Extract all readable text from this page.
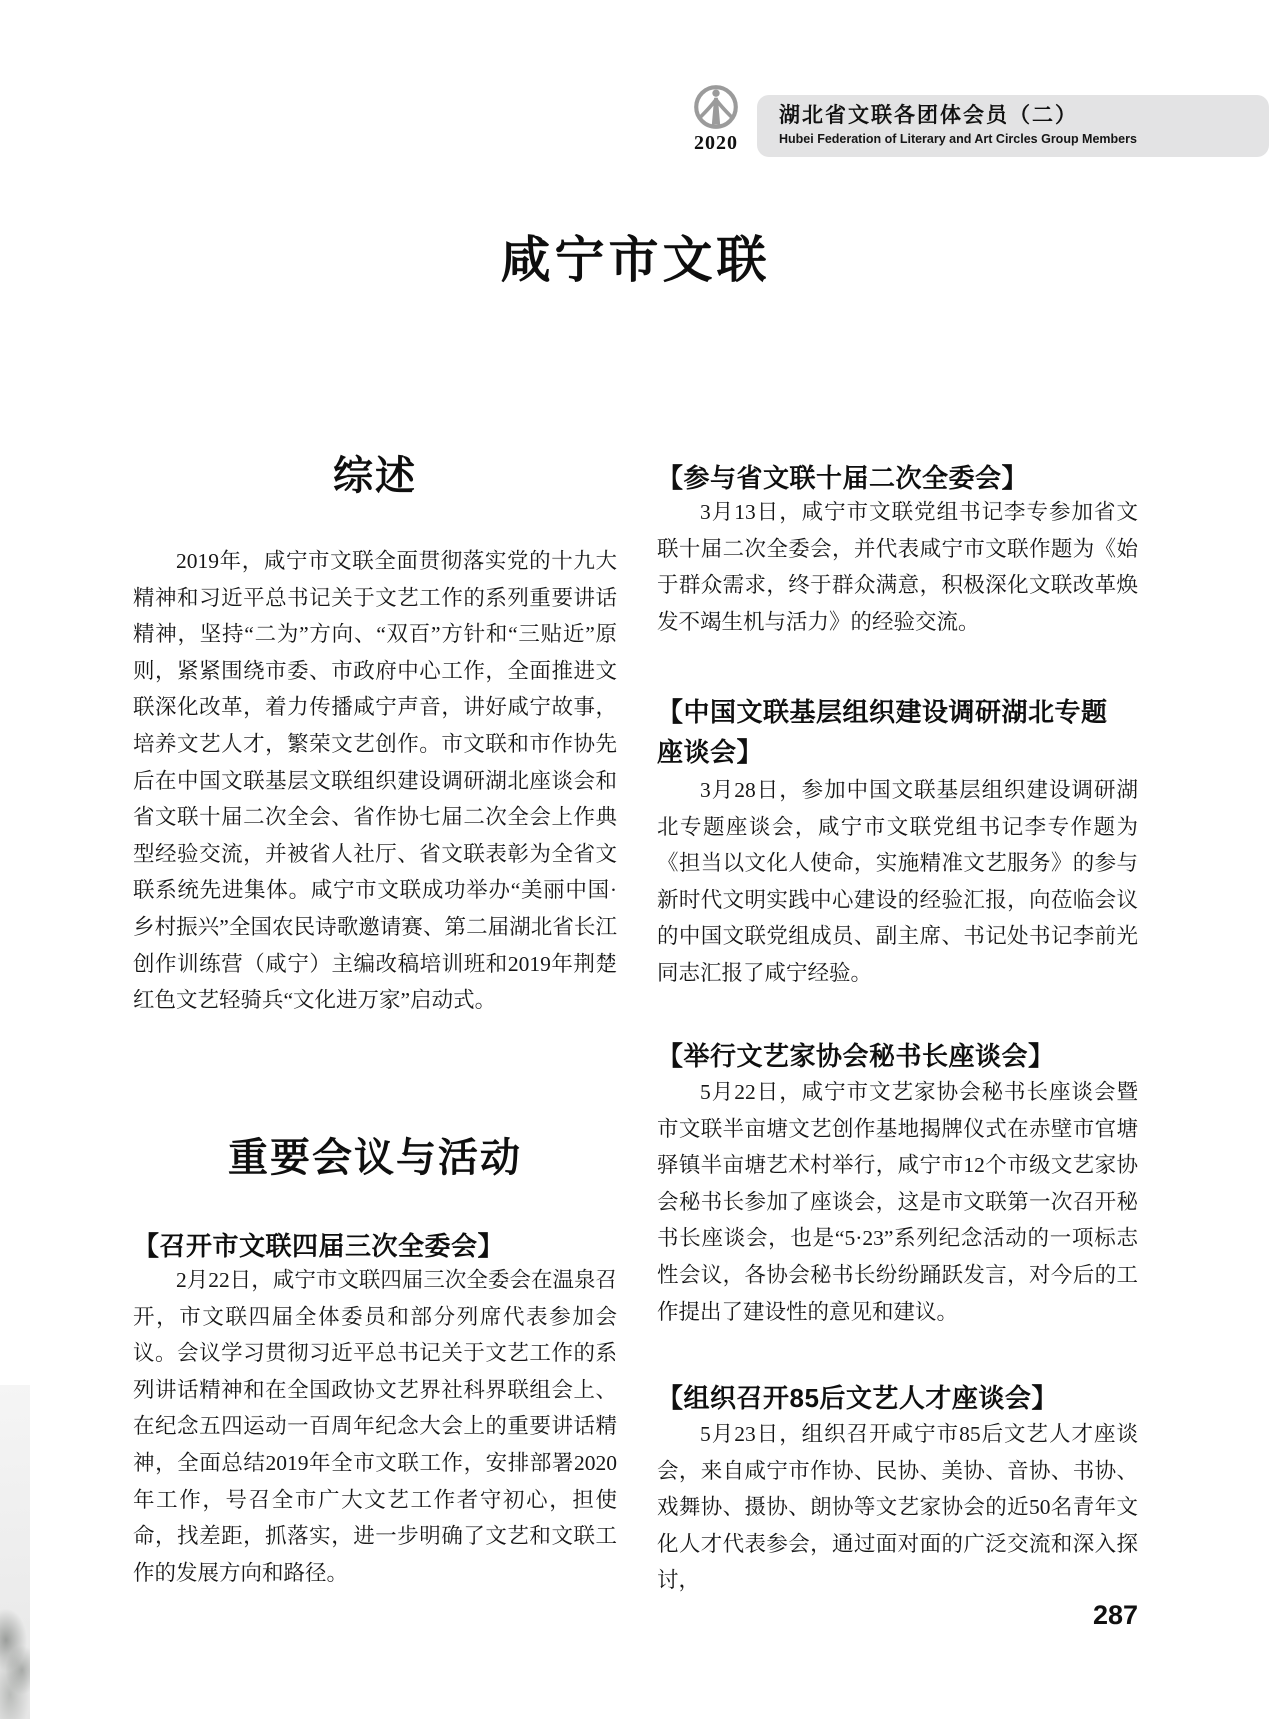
2020
湖北省文联各团体会员（二）
Hubei Federation of Literary and Art Circles Group Members
咸宁市文联
综述

2019年，咸宁市文联全面贯彻落实党的十九大精神和习近平总书记关于文艺工作的系列重要讲话精神，坚持“二为”方向、“双百”方针和“三贴近”原则，紧紧围绕市委、市政府中心工作，全面推进文联深化改革，着力传播咸宁声音，讲好咸宁故事，培养文艺人才，繁荣文艺创作。市文联和市作协先后在中国文联基层文联组织建设调研湖北座谈会和省文联十届二次全会、省作协七届二次全会上作典型经验交流，并被省人社厅、省文联表彰为全省文联系统先进集体。咸宁市文联成功举办“美丽中国·乡村振兴”全国农民诗歌邀请赛、第二届湖北省长江创作训练营（咸宁）主编改稿培训班和2019年荆楚红色文艺轻骑兵“文化进万家”启动式。

重要会议与活动
【召开市文联四届三次全委会】

2月22日，咸宁市文联四届三次全委会在温泉召开，市文联四届全体委员和部分列席代表参加会议。会议学习贯彻习近平总书记关于文艺工作的系列讲话精神和在全国政协文艺界社科界联组会上、在纪念五四运动一百周年纪念大会上的重要讲话精神，全面总结2019年全市文联工作，安排部署2020年工作，号召全市广大文艺工作者守初心，担使命，找差距，抓落实，进一步明确了文艺和文联工作的发展方向和路径。

【参与省文联十届二次全委会】

3月13日，咸宁市文联党组书记李专参加省文联十届二次全委会，并代表咸宁市文联作题为《始于群众需求，终于群众满意，积极深化文联改革焕发不竭生机与活力》的经验交流。

【中国文联基层组织建设调研湖北专题座谈会】

3月28日，参加中国文联基层组织建设调研湖北专题座谈会，咸宁市文联党组书记李专作题为《担当以文化人使命，实施精准文艺服务》的参与新时代文明实践中心建设的经验汇报，向莅临会议的中国文联党组成员、副主席、书记处书记李前光同志汇报了咸宁经验。

【举行文艺家协会秘书长座谈会】

5月22日，咸宁市文艺家协会秘书长座谈会暨市文联半亩塘文艺创作基地揭牌仪式在赤壁市官塘驿镇半亩塘艺术村举行，咸宁市12个市级文艺家协会秘书长参加了座谈会，这是市文联第一次召开秘书长座谈会，也是“5·23”系列纪念活动的一项标志性会议，各协会秘书长纷纷踊跃发言，对今后的工作提出了建设性的意见和建议。

【组织召开85后文艺人才座谈会】

5月23日，组织召开咸宁市85后文艺人才座谈会，来自咸宁市作协、民协、美协、音协、书协、戏舞协、摄协、朗协等文艺家协会的近50名青年文化人才代表参会，通过面对面的广泛交流和深入探讨，

287
